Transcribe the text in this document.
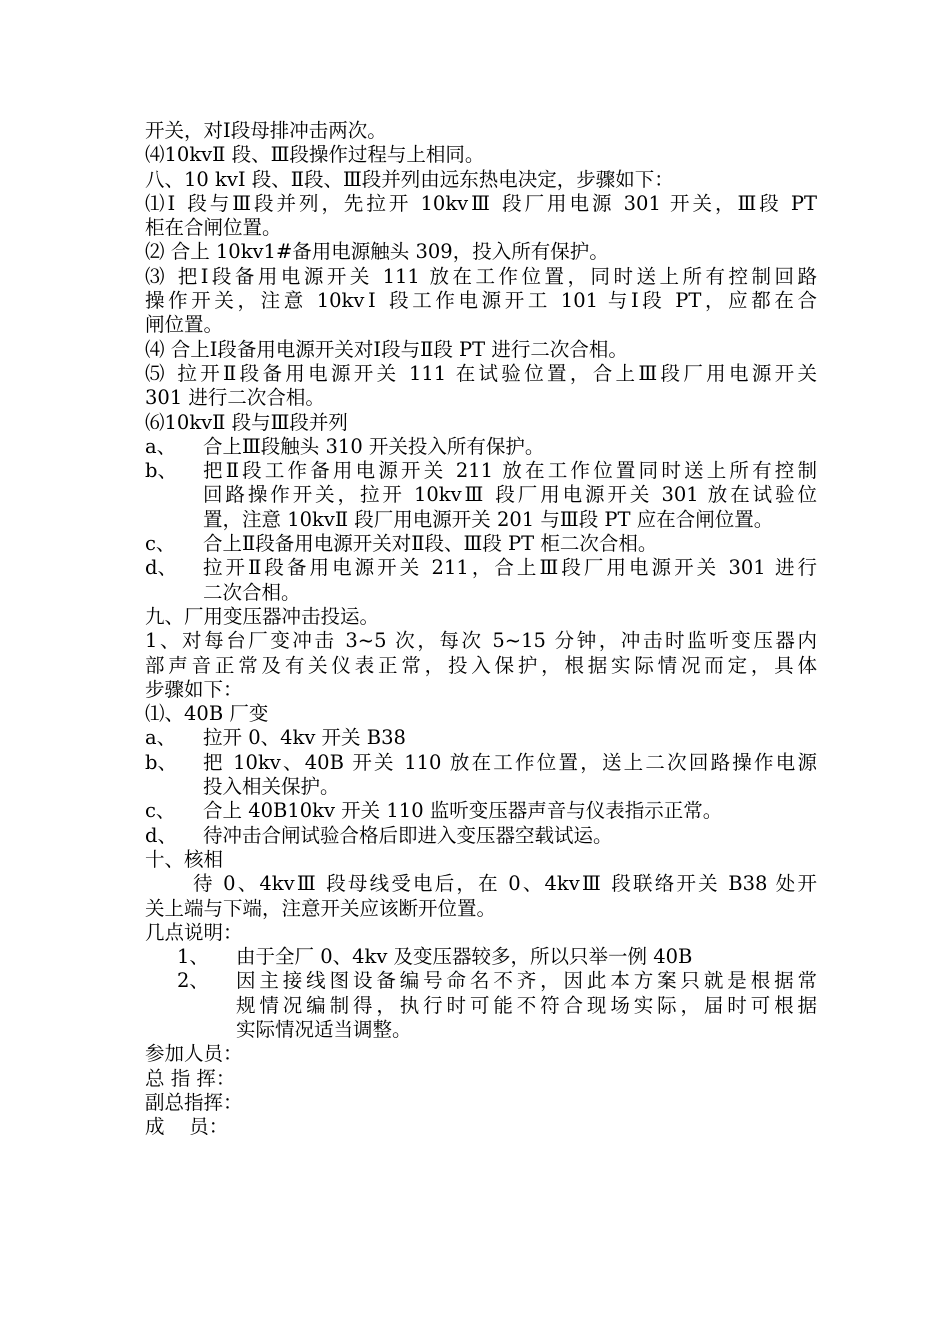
开关，对Ⅰ段母排冲击两次。
⑷10kvⅡ 段、Ⅲ段操作过程与上相同。
八、10 kvⅠ 段、Ⅱ段、Ⅲ段并列由远东热电决定，步骤如下：
⑴Ⅰ 段与Ⅲ段并列，先拉开 10kvⅢ 段厂用电源 301 开关，Ⅲ段 PT
柜在合闸位置。
⑵ 合上 10kv1#备用电源触头 309，投入所有保护。
⑶ 把Ⅰ段备用电源开关 111 放在工作位置，同时送上所有控制回路
操作开关，注意 10kvⅠ 段工作电源开工 101 与Ⅰ段 PT，应都在合
闸位置。
⑷ 合上Ⅰ段备用电源开关对Ⅰ段与Ⅱ段 PT 进行二次合相。
⑸ 拉开Ⅱ段备用电源开关 111 在试验位置，合上Ⅲ段厂用电源开关
301 进行二次合相。
⑹10kvⅡ 段与Ⅲ段并列
a、	合上Ⅲ段触头 310 开关投入所有保护。
b、	把Ⅱ段工作备用电源开关 211 放在工作位置同时送上所有控制
回路操作开关，拉开 10kvⅢ 段厂用电源开关 301 放在试验位
置，注意 10kvⅡ 段厂用电源开关 201 与Ⅲ段 PT 应在合闸位置。
c、	合上Ⅱ段备用电源开关对Ⅱ段、Ⅲ段 PT 柜二次合相。
d、	拉开Ⅱ段备用电源开关 211，合上Ⅲ段厂用电源开关 301 进行
二次合相。
九、厂用变压器冲击投运。
1、对每台厂变冲击 3~5 次，每次 5~15 分钟，冲击时监听变压器内
部声音正常及有关仪表正常，投入保护，根据实际情况而定，具体
步骤如下：
⑴、40B 厂变
a、	拉开 0、4kv 开关 B38
b、	把 10kv、40B 开关 110 放在工作位置，送上二次回路操作电源
投入相关保护。
c、	合上 40B10kv 开关 110 监听变压器声音与仪表指示正常。
d、	待冲击合闸试验合格后即进入变压器空载试运。
十、核相
待 0、4kvⅢ 段母线受电后，在 0、4kvⅢ 段联络开关 B38 处开
关上端与下端，注意开关应该断开位置。
几点说明：
1、	由于全厂 0、4kv 及变压器较多，所以只举一例 40B
2、	因主接线图设备编号命名不齐，因此本方案只就是根据常
规情况编制得，执行时可能不符合现场实际，届时可根据
实际情况适当调整。
参加人员：
总 指 挥：
副总指挥：
成    员：
